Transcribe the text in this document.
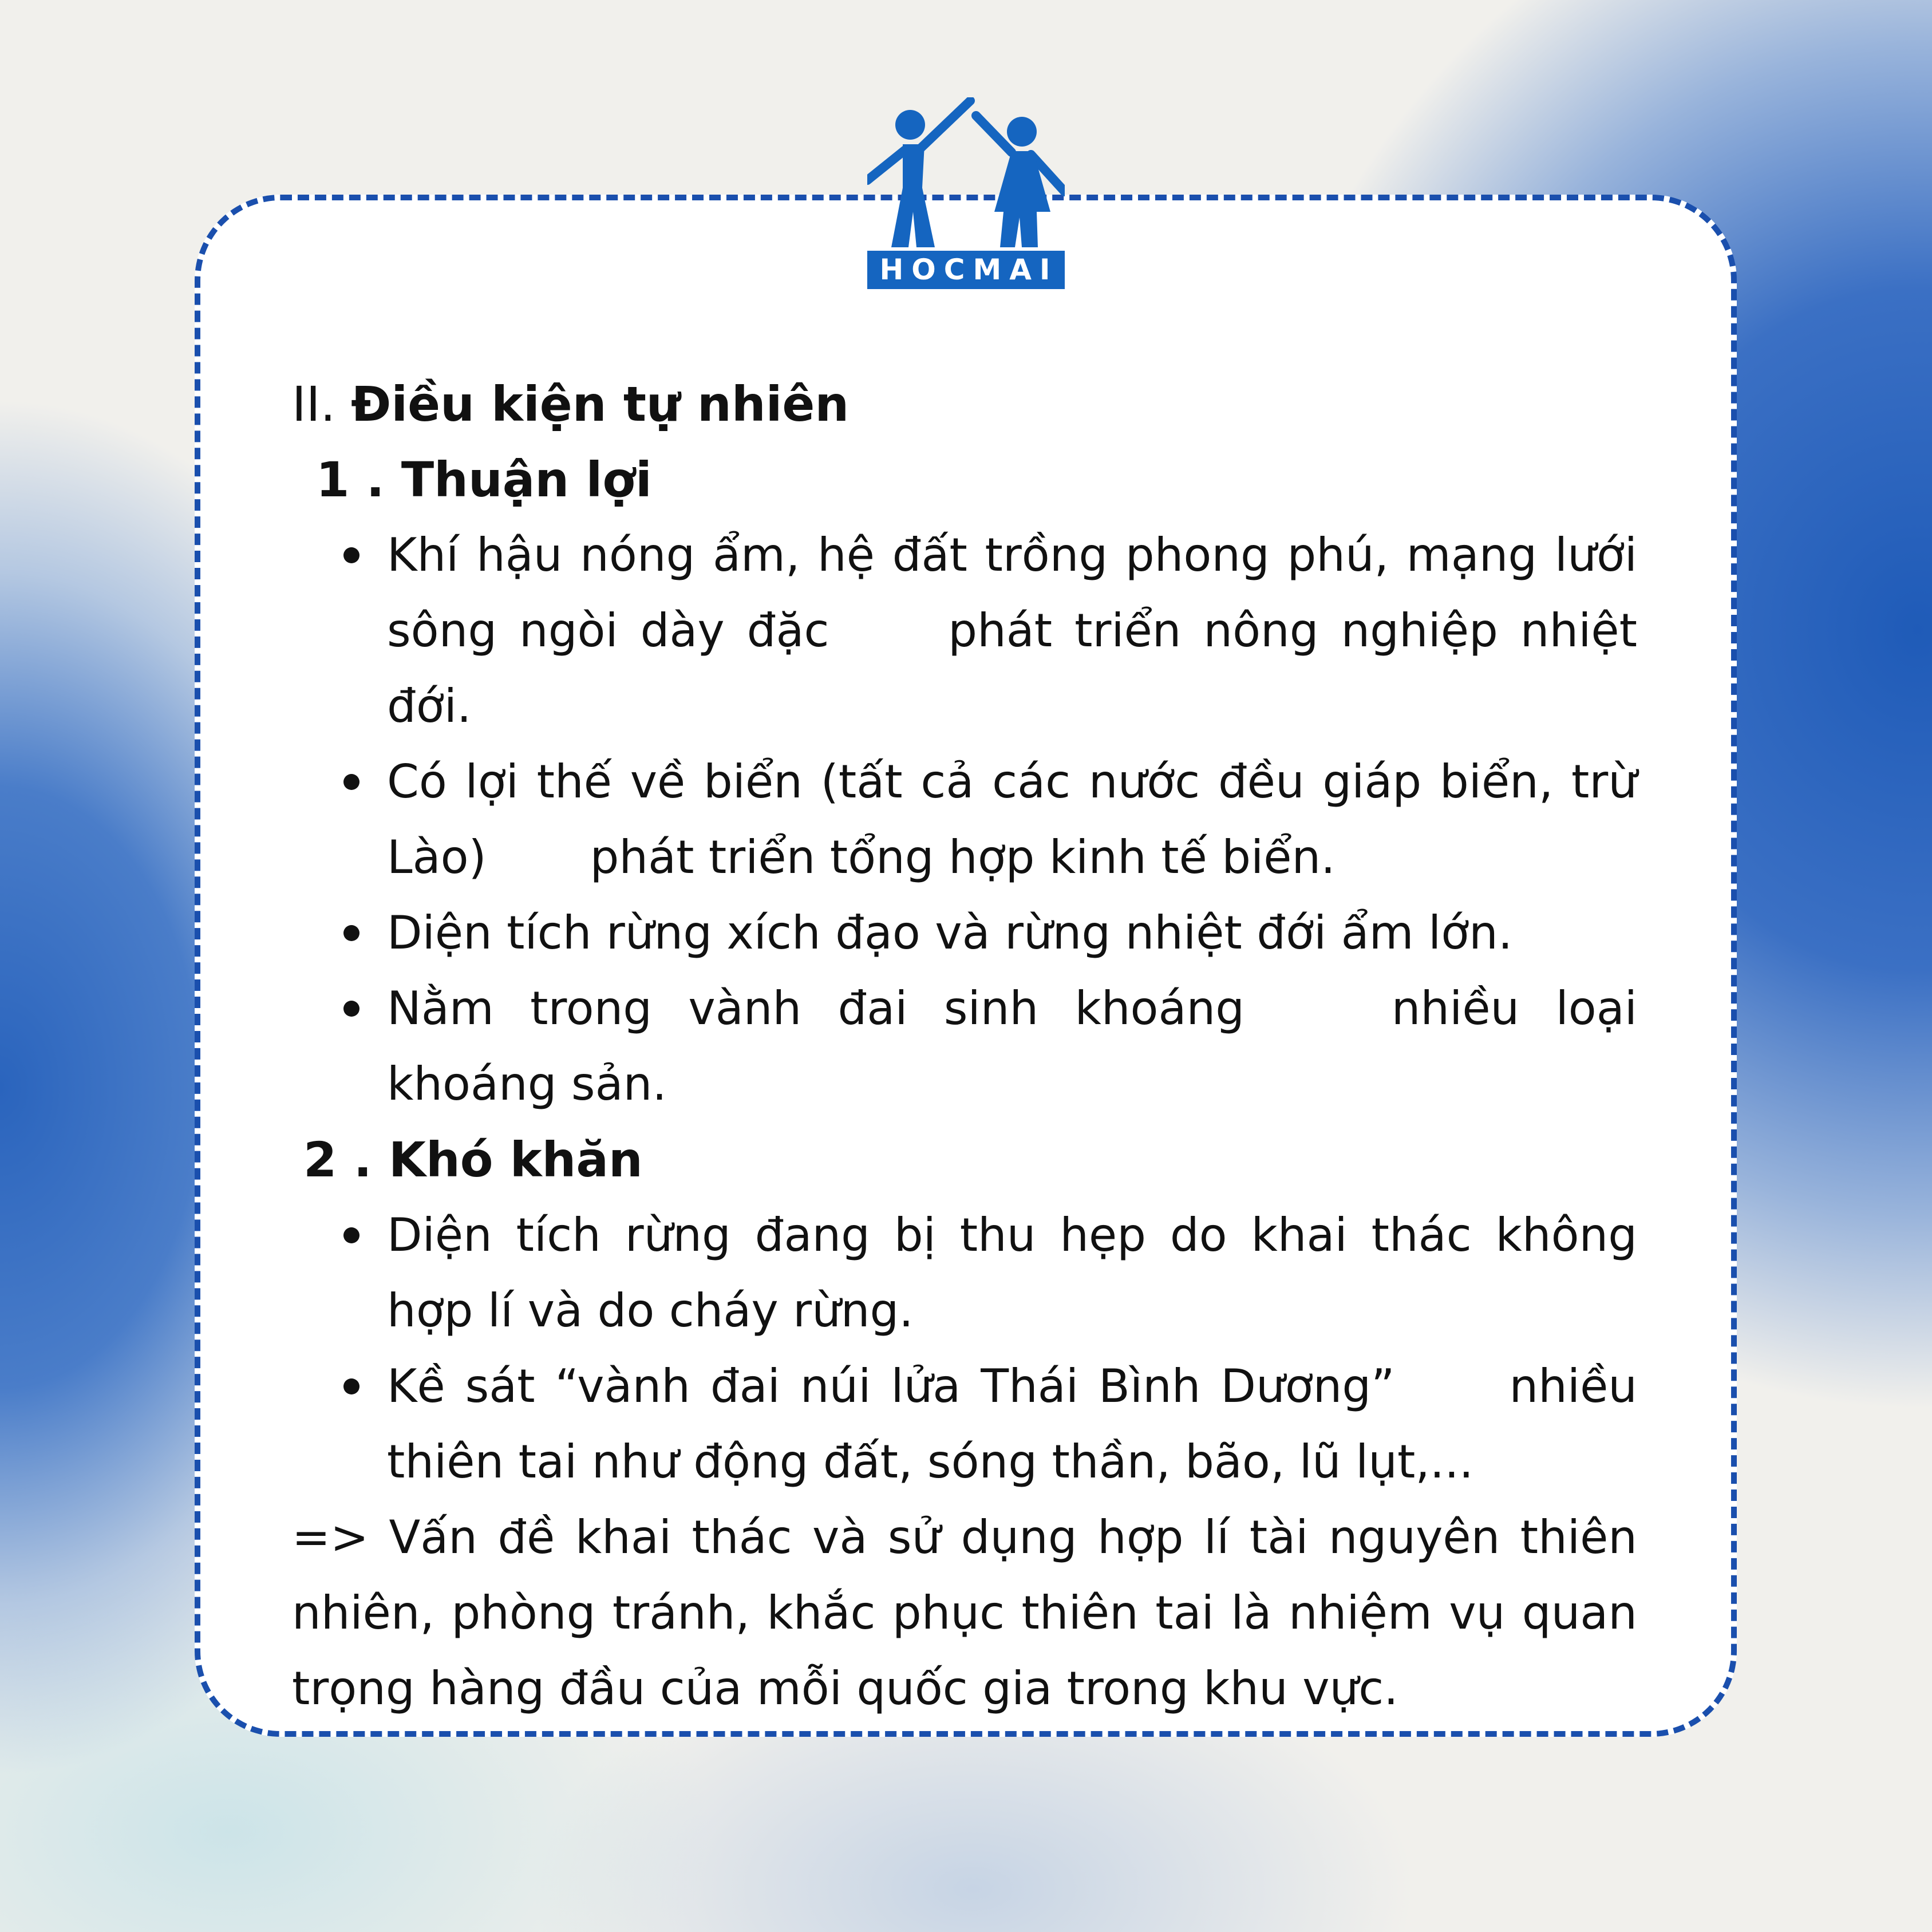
HOCMAI

II. Điều kiện tự nhiên

1 . Thuận lợi

Khí hậu nóng ẩm, hệ đất trồng phong phú, mạng lưới sông ngòi dày đặc	phát triển nông nghiệp nhiệt đới.
Có lợi thế về biển (tất cả các nước đều giáp biển, trừ Lào) phát triển tổng hợp kinh tế biển.
Diện tích rừng xích đạo và rừng nhiệt đới ẩm lớn.
Nằm trong vành đai sinh khoáng	nhiều loại khoáng sản.

2 . Khó khăn

Diện tích rừng đang bị thu hẹp do khai thác không hợp lí và do cháy rừng.
Kề sát “vành đai núi lửa Thái Bình Dương” nhiều thiên tai như động đất, sóng thần, bão, lũ lụt,...

=> Vấn đề khai thác và sử dụng hợp lí tài nguyên thiên nhiên, phòng tránh, khắc phục thiên tai là nhiệm vụ quan trọng hàng đầu của mỗi quốc gia trong khu vực.
